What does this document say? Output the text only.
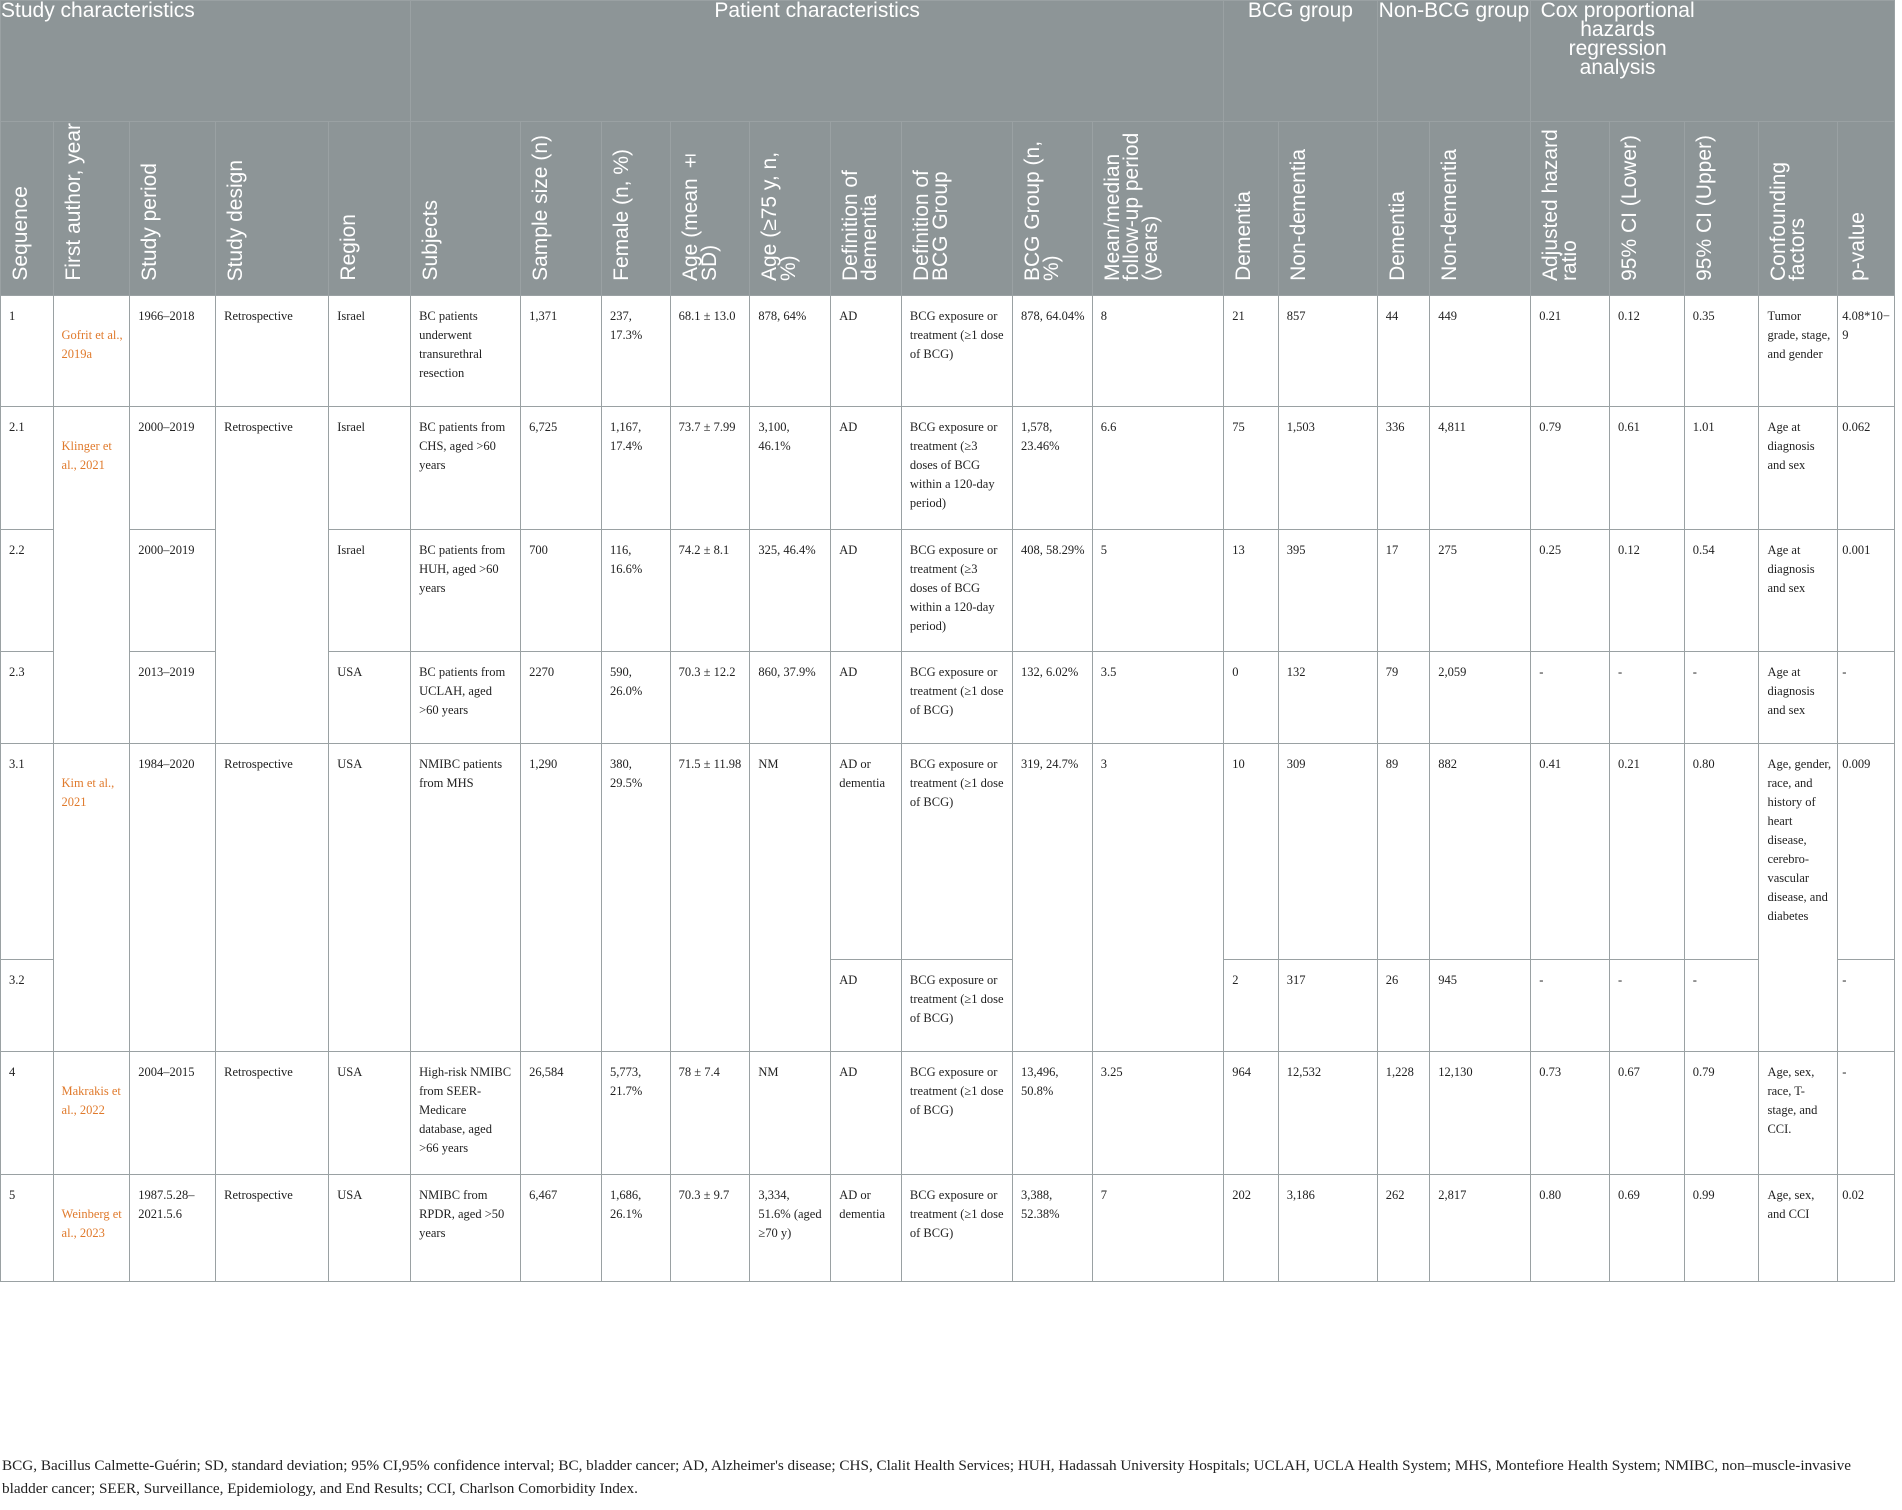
Study characteristics					Patient characteristics									BCG group		Non-BCG group		Cox proportional hazards regression analysis				

Sequence	First author, year	Study period	Study design	Region	Subjects	Sample size (n)	Female (n, %)	Age (mean ± SD)	Age (≥75 y, n, %)	Definition of dementia	Definition of BCG Group	BCG Group (n, %)	Mean/median follow-up period (years)	Dementia	Non-dementia	Dementia	Non-dementia	Adjusted hazard ratio	95% CI (Lower)	95% CI (Upper)	Confounding factors	p-value

1	Gofrit et al., 2019a	1966–2018	Retrospective	Israel	BC patients underwent transurethral resection	1,371	237, 17.3%	68.1 ± 13.0	878, 64%	AD	BCG exposure or treatment (≥1 dose of BCG)	878, 64.04%	8	21	857	44	449	0.21	0.12	0.35	Tumor grade, stage, and gender	4.08*10−9
2.1	Klinger et al., 2021	2000–2019	Retrospective	Israel	BC patients from CHS, aged >60 years	6,725	1,167, 17.4%	73.7 ± 7.99	3,100, 46.1%	AD	BCG exposure or treatment (≥3 doses of BCG within a 120-day period)	1,578, 23.46%	6.6	75	1,503	336	4,811	0.79	0.61	1.01	Age at diagnosis and sex	0.062
2.2		2000–2019		Israel	BC patients from HUH, aged >60 years	700	116, 16.6%	74.2 ± 8.1	325, 46.4%	AD	BCG exposure or treatment (≥3 doses of BCG within a 120-day period)	408, 58.29%	5	13	395	17	275	0.25	0.12	0.54	Age at diagnosis and sex	0.001
2.3		2013–2019		USA	BC patients from UCLAH, aged >60 years	2270	590, 26.0%	70.3 ± 12.2	860, 37.9%	AD	BCG exposure or treatment (≥1 dose of BCG)	132, 6.02%	3.5	0	132	79	2,059	-	-	-	Age at diagnosis and sex	-
3.1	Kim et al., 2021	1984–2020	Retrospective	USA	NMIBC patients from MHS	1,290	380, 29.5%	71.5 ± 11.98	NM	AD or dementia	BCG exposure or treatment (≥1 dose of BCG)	319, 24.7%	3	10	309	89	882	0.41	0.21	0.80	Age, gender, race, and history of heart disease, cerebro-vascular disease, and diabetes	0.009
3.2										AD	BCG exposure or treatment (≥1 dose of BCG)			2	317	26	945	-	-	-		-
4	Makrakis et al., 2022	2004–2015	Retrospective	USA	High-risk NMIBC from SEER-Medicare database, aged >66 years	26,584	5,773, 21.7%	78 ± 7.4	NM	AD	BCG exposure or treatment (≥1 dose of BCG)	13,496, 50.8%	3.25	964	12,532	1,228	12,130	0.73	0.67	0.79	Age, sex, race, T-stage, and CCI.	-
5	Weinberg et al., 2023	1987.5.28–2021.5.6	Retrospective	USA	NMIBC from RPDR, aged >50 years	6,467	1,686, 26.1%	70.3 ± 9.7	3,334, 51.6% (aged ≥70 y)	AD or dementia	BCG exposure or treatment (≥1 dose of BCG)	3,388, 52.38%	7	202	3,186	262	2,817	0.80	0.69	0.99	Age, sex, and CCI	0.02
BCG, Bacillus Calmette-Guérin; SD, standard deviation; 95% CI,95% confidence interval; BC, bladder cancer; AD, Alzheimer's disease; CHS, Clalit Health Services; HUH, Hadassah University Hospitals; UCLAH, UCLA Health System; MHS, Montefiore Health System; NMIBC, non–muscle-invasive bladder cancer; SEER, Surveillance, Epidemiology, and End Results; CCI, Charlson Comorbidity Index.
